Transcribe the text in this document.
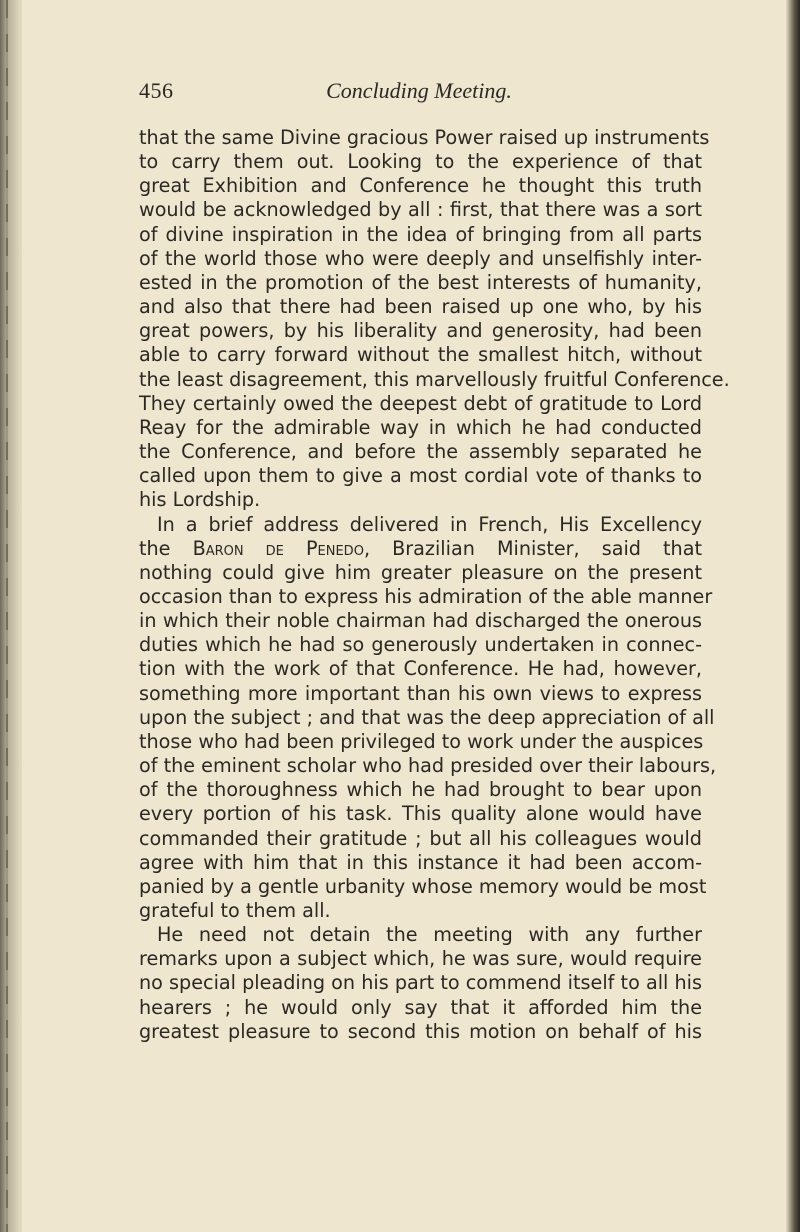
456	Concluding Meeting.
that the same Divine gracious Power raised up instruments
to carry them out. Looking to the experience of that
great Exhibition and Conference he thought this truth
would be acknowledged by all : first, that there was a sort
of divine inspiration in the idea of bringing from all parts
of the world those who were deeply and unselfishly inter-
ested in the promotion of the best interests of humanity,
and also that there had been raised up one who, by his
great powers, by his liberality and generosity, had been
able to carry forward without the smallest hitch, without
the least disagreement, this marvellously fruitful Conference.
They certainly owed the deepest debt of gratitude to Lord
Reay for the admirable way in which he had conducted
the Conference, and before the assembly separated he
called upon them to give a most cordial vote of thanks to
his Lordship.
In a brief address delivered in French, His Excellency
the Baron de Penedo, Brazilian Minister, said that
nothing could give him greater pleasure on the present
occasion than to express his admiration of the able manner
in which their noble chairman had discharged the onerous
duties which he had so generously undertaken in connec-
tion with the work of that Conference. He had, however,
something more important than his own views to express
upon the subject ; and that was the deep appreciation of all
those who had been privileged to work under the auspices
of the eminent scholar who had presided over their labours,
of the thoroughness which he had brought to bear upon
every portion of his task. This quality alone would have
commanded their gratitude ; but all his colleagues would
agree with him that in this instance it had been accom-
panied by a gentle urbanity whose memory would be most
grateful to them all.
He need not detain the meeting with any further
remarks upon a subject which, he was sure, would require
no special pleading on his part to commend itself to all his
hearers ; he would only say that it afforded him the
greatest pleasure to second this motion on behalf of his
